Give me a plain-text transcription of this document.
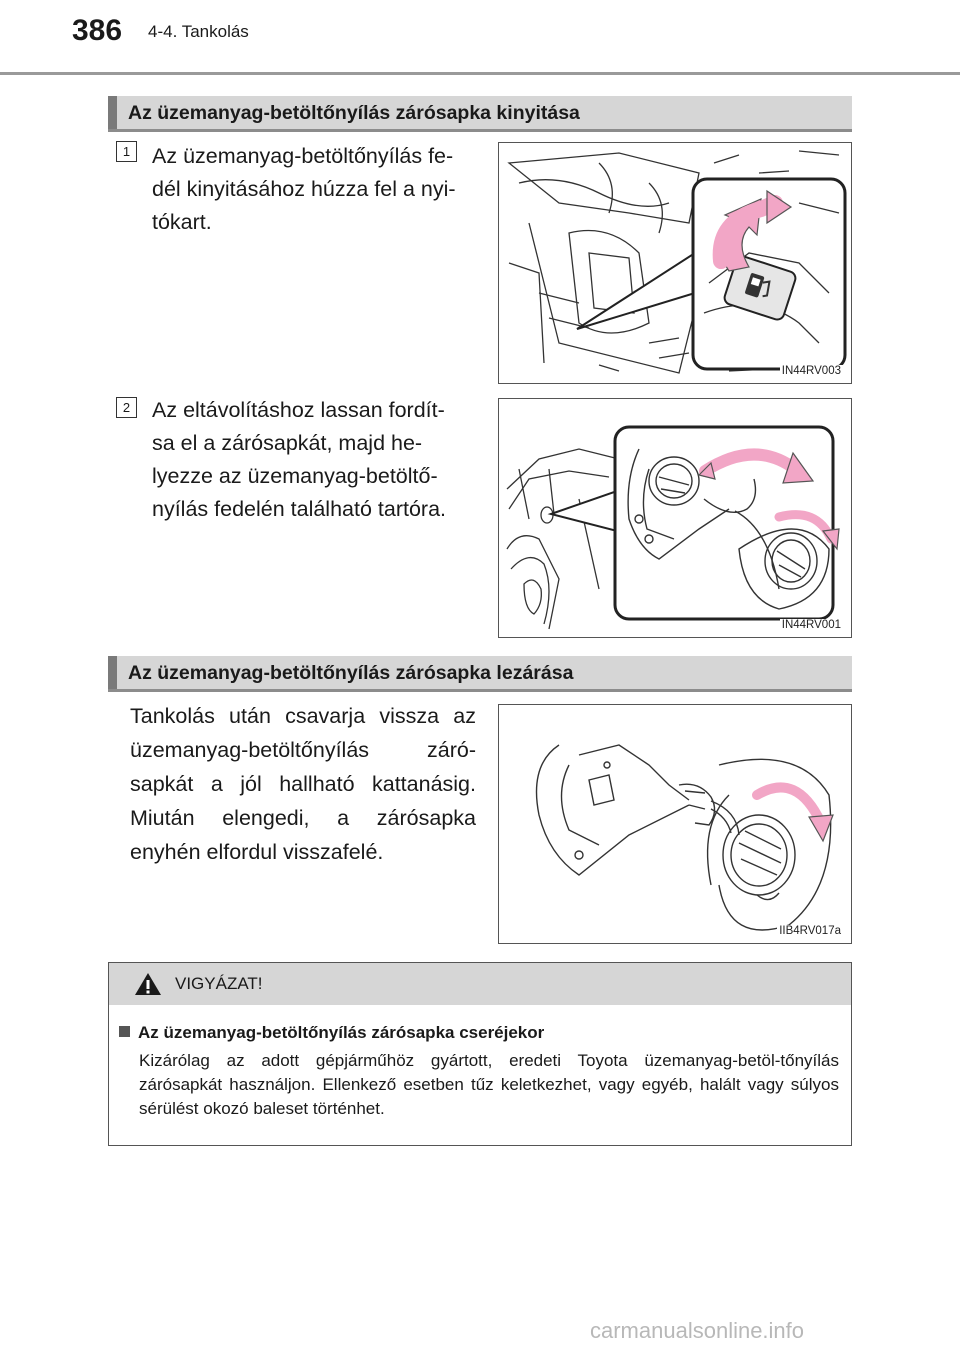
386 4-4. Tankolás
Az üzemanyag-betöltőnyílás zárósapka kinyitása
1	Az üzemanyag-betöltőnyílás fe-
dél kinyitásához húzza fel a nyi-
tókart.
IN44RV003
2	Az eltávolításhoz lassan fordít-
sa el a zárósapkát, majd he-
lyezze az üzemanyag-betöltő-
nyílás fedelén található tartóra.
IN44RV001
Az üzemanyag-betöltőnyílás zárósapka lezárása
Tankolás után csavarja vissza az üzemanyag-betöltőnyílás záró-sapkát a jól hallható kattanásig. Miután elengedi, a zárósapka enyhén elfordul visszafelé.
IIB4RV017a
VIGYÁZAT!
Az üzemanyag-betöltőnyílás zárósapka cseréjekor
Kizárólag az adott gépjárműhöz gyártott, eredeti Toyota üzemanyag-betöl-tőnyílás zárósapkát használjon. Ellenkező esetben tűz keletkezhet, vagy egyéb, halált vagy súlyos sérülést okozó baleset történhet.
carmanualsonline.info
